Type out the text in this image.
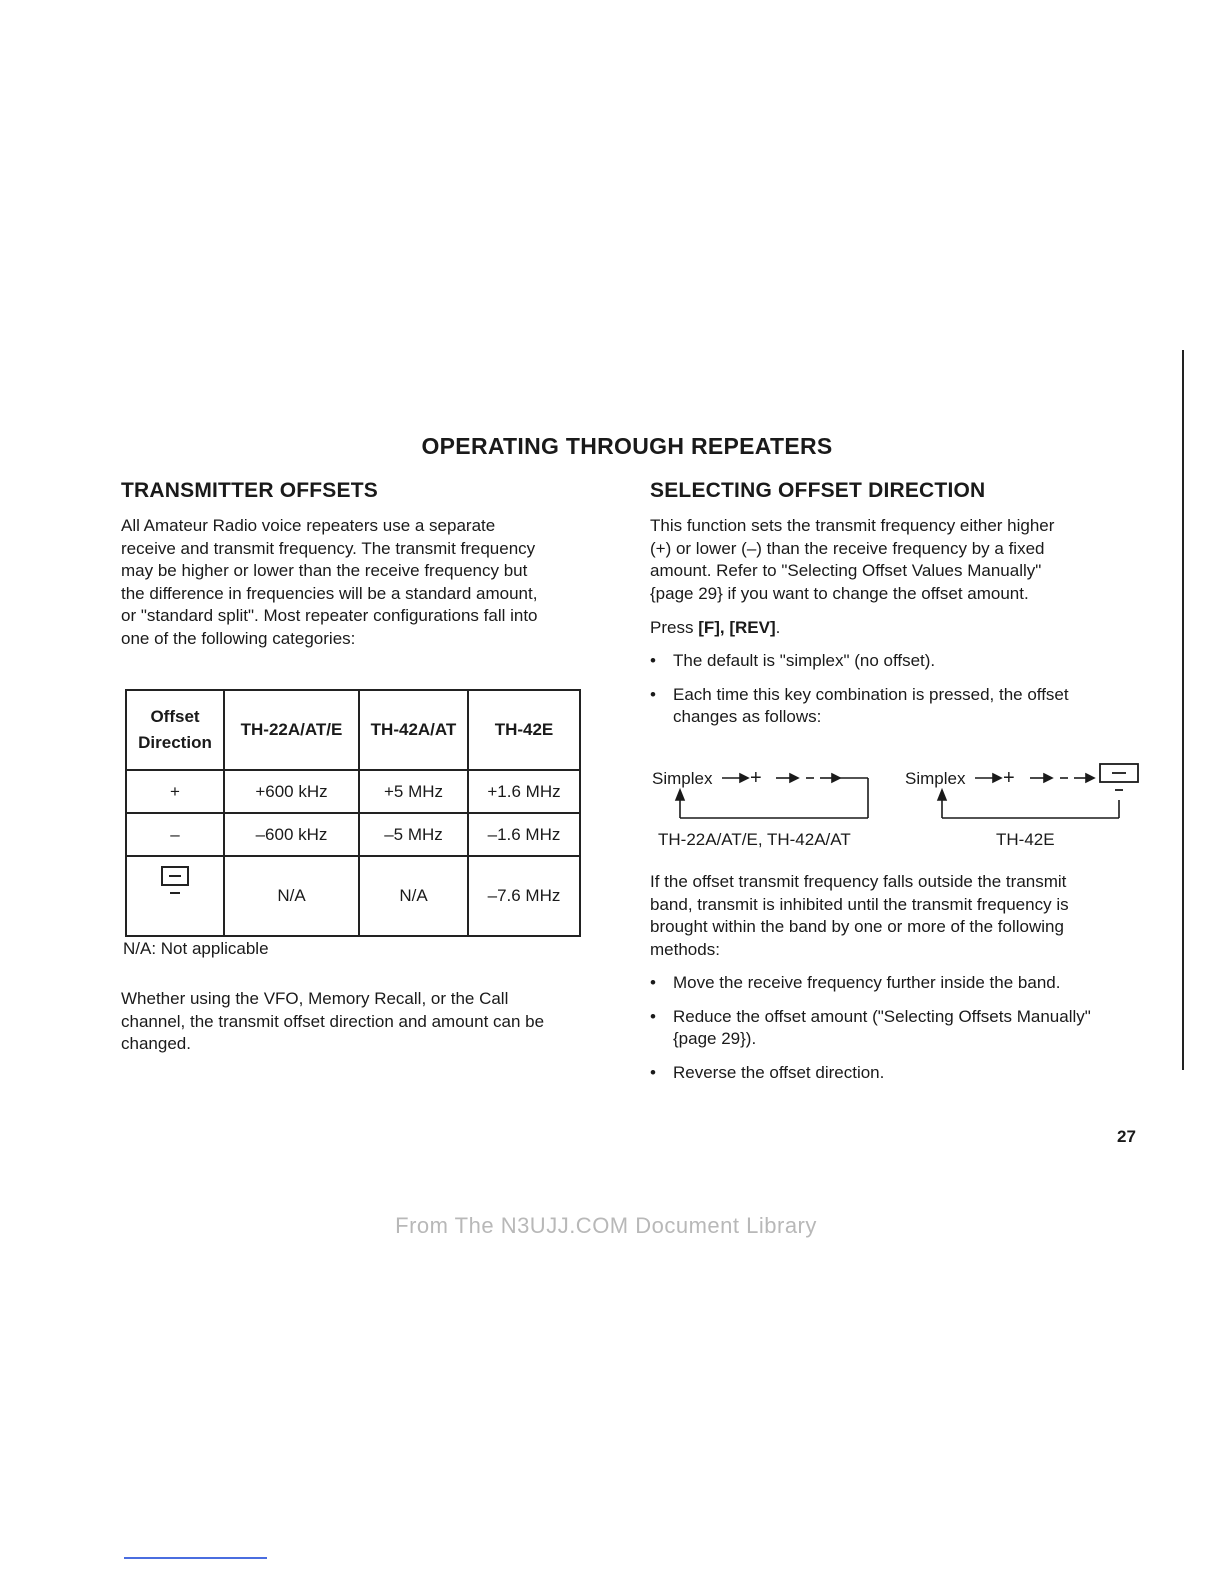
OPERATING THROUGH REPEATERS
TRANSMITTER OFFSETS

All Amateur Radio voice repeaters use a separate

receive and transmit frequency. The transmit frequency

may be higher or lower than the receive frequency but

the difference in frequencies will be a standard amount,

or "standard split". Most repeater configurations fall into

one of the following categories:

Offset
Direction	TH-22A/AT/E	TH-42A/AT	TH-42E
+	+600 kHz	+5 MHz	+1.6 MHz
–	–600 kHz	–5 MHz	–1.6 MHz

	N/A	N/A	–7.6 MHz
N/A: Not applicable

Whether using the VFO, Memory Recall, or the Call

channel, the transmit offset direction and amount can be

changed.

SELECTING OFFSET DIRECTION

This function sets the transmit frequency either higher

(+) or lower (–) than the receive frequency by a fixed

amount. Refer to "Selecting Offset Values Manually"

{page 29} if you want to change the offset amount.

Press [F], [REV].
• The default is "simplex" (no offset).
• Each time this key combination is pressed, the offset changes as follows:
Simplex +	Simplex +
TH-22A/AT/E, TH-42A/AT	TH-42E

If the offset transmit frequency falls outside the transmit

band, transmit is inhibited until the transmit frequency is

brought within the band by one or more of the following

methods:

• Move the receive frequency further inside the band.
• Reduce the offset amount ("Selecting Offsets Manually" {page 29}).
• Reverse the offset direction.
27
From The N3UJJ.COM Document Library
